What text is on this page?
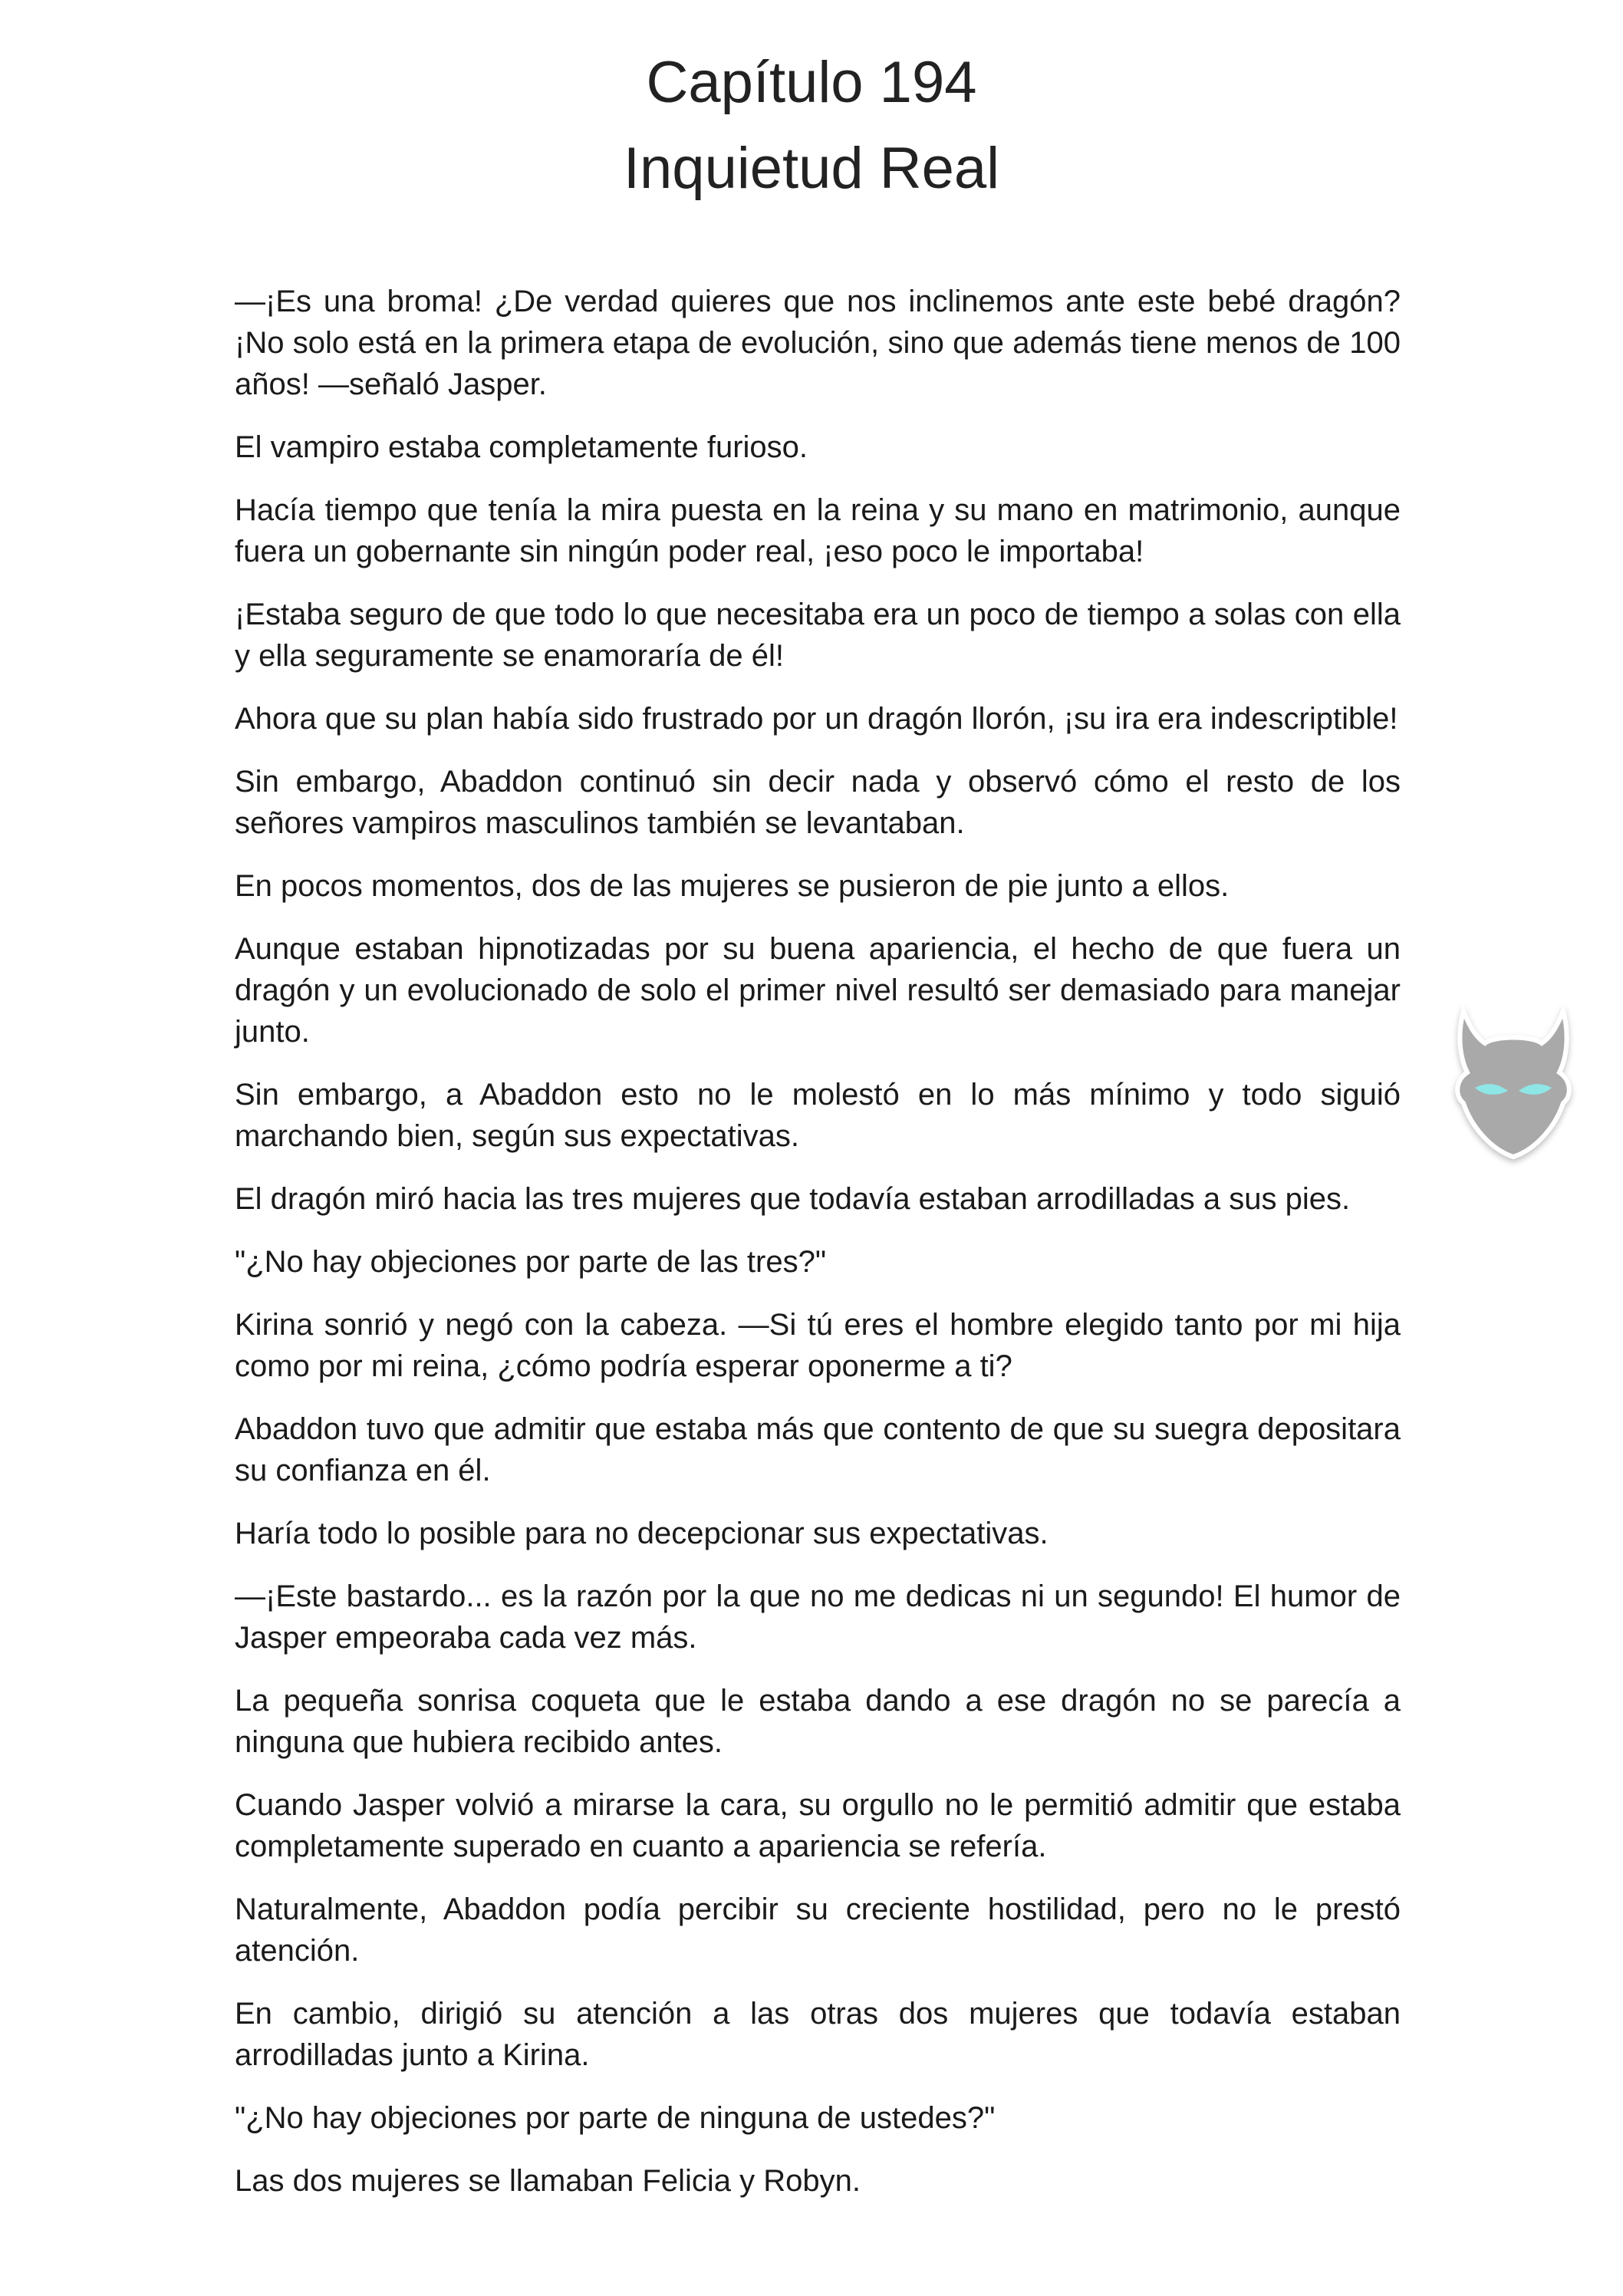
Capítulo 194
Inquietud Real

—¡Es una broma! ¿De verdad quieres que nos inclinemos ante este bebé dragón? ¡No solo está en la primera etapa de evolución, sino que además tiene menos de 100 años! —señaló Jasper.

El vampiro estaba completamente furioso.

Hacía tiempo que tenía la mira puesta en la reina y su mano en matrimonio, aunque fuera un gobernante sin ningún poder real, ¡eso poco le importaba!

¡Estaba seguro de que todo lo que necesitaba era un poco de tiempo a solas con ella y ella seguramente se enamoraría de él!

Ahora que su plan había sido frustrado por un dragón llorón, ¡su ira era indescriptible!

Sin embargo, Abaddon continuó sin decir nada y observó cómo el resto de los señores vampiros masculinos también se levantaban.

En pocos momentos, dos de las mujeres se pusieron de pie junto a ellos.

Aunque estaban hipnotizadas por su buena apariencia, el hecho de que fuera un dragón y un evolucionado de solo el primer nivel resultó ser demasiado para manejar junto.

Sin embargo, a Abaddon esto no le molestó en lo más mínimo y todo siguió marchando bien, según sus expectativas.

El dragón miró hacia las tres mujeres que todavía estaban arrodilladas a sus pies.

"¿No hay objeciones por parte de las tres?"

Kirina sonrió y negó con la cabeza. —Si tú eres el hombre elegido tanto por mi hija como por mi reina, ¿cómo podría esperar oponerme a ti?

Abaddon tuvo que admitir que estaba más que contento de que su suegra depositara su confianza en él.

Haría todo lo posible para no decepcionar sus expectativas.

—¡Este bastardo... es la razón por la que no me dedicas ni un segundo! El humor de Jasper empeoraba cada vez más.

La pequeña sonrisa coqueta que le estaba dando a ese dragón no se parecía a ninguna que hubiera recibido antes.

Cuando Jasper volvió a mirarse la cara, su orgullo no le permitió admitir que estaba completamente superado en cuanto a apariencia se refería.

Naturalmente, Abaddon podía percibir su creciente hostilidad, pero no le prestó atención.

En cambio, dirigió su atención a las otras dos mujeres que todavía estaban arrodilladas junto a Kirina.

"¿No hay objeciones por parte de ninguna de ustedes?"

Las dos mujeres se llamaban Felicia y Robyn.
